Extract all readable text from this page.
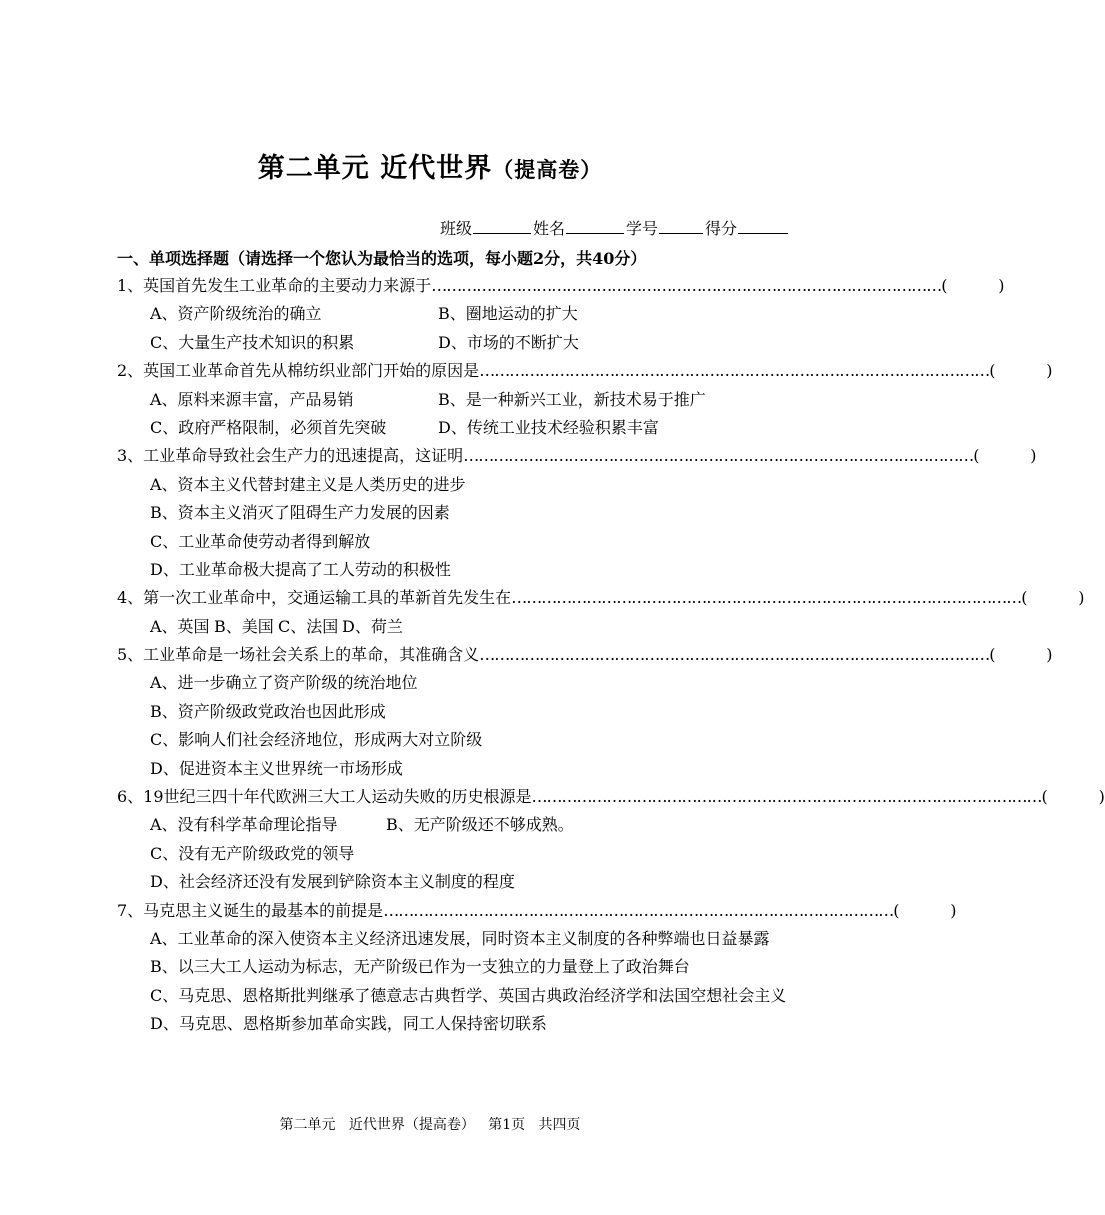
第二单元 近代世界（提高卷）
班级	姓名	学号	得分
一、单项选择题（请选择一个您认为最恰当的选项，每小题2分，共40分）
1、英国首先发生工业革命的主要动力来源于 ………………………………………………………………………………………… (          )
A、资产阶级统治的确立	B、圈地运动的扩大
C、大量生产技术知识的积累	D、市场的不断扩大
2、英国工业革命首先从棉纺织业部门开始的原因是 ………………………………………………………………………………………… (          )
A、原料来源丰富，产品易销	B、是一种新兴工业，新技术易于推广
C、政府严格限制，必须首先突破	D、传统工业技术经验积累丰富
3、工业革命导致社会生产力的迅速提高，这证明 ………………………………………………………………………………………… (          )
A、资本主义代替封建主义是人类历史的进步
B、资本主义消灭了阻碍生产力发展的因素
C、工业革命使劳动者得到解放
D、工业革命极大提高了工人劳动的积极性
4、第一次工业革命中，交通运输工具的革新首先发生在 ………………………………………………………………………………………… (          )
A、英国 B、美国 C、法国 D、荷兰
5、工业革命是一场社会关系上的革命，其准确含义 ………………………………………………………………………………………… (          )
A、进一步确立了资产阶级的统治地位
B、资产阶级政党政治也因此形成
C、影响人们社会经济地位，形成两大对立阶级
D、促进资本主义世界统一市场形成
6、19世纪三四十年代欧洲三大工人运动失败的历史根源是 ………………………………………………………………………………………… (          )
A、没有科学革命理论指导	B、无产阶级还不够成熟。
C、没有无产阶级政党的领导
D、社会经济还没有发展到铲除资本主义制度的程度
7、马克思主义诞生的最基本的前提是 ………………………………………………………………………………………… (          )
A、工业革命的深入使资本主义经济迅速发展，同时资本主义制度的各种弊端也日益暴露
B、以三大工人运动为标志，无产阶级已作为一支独立的力量登上了政治舞台
C、马克思、恩格斯批判继承了德意志古典哲学、英国古典政治经济学和法国空想社会主义
D、马克思、恩格斯参加革命实践，同工人保持密切联系
第二单元   近代世界（提高卷）   第1页   共四页
